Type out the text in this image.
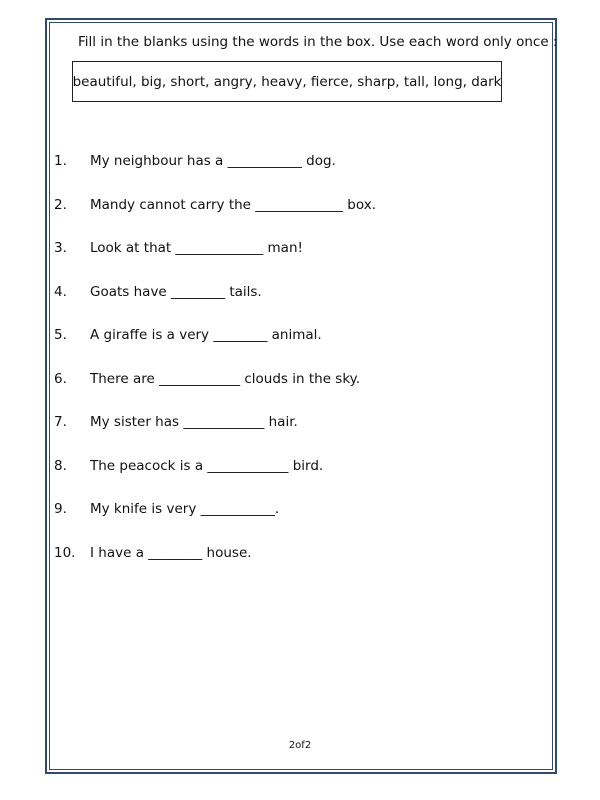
Fill in the blanks using the words in the box. Use each word only once :
beautiful, big, short, angry, heavy, fierce, sharp, tall, long, dark
1. My neighbour has a ___________ dog.
2. Mandy cannot carry the _____________ box.
3. Look at that _____________ man!
4. Goats have ________ tails.
5. A giraffe is a very ________ animal.
6. There are ____________ clouds in the sky.
7. My sister has ____________ hair.
8. The peacock is a ____________ bird.
9. My knife is very ___________.
10. I have a ________ house.
2of2
